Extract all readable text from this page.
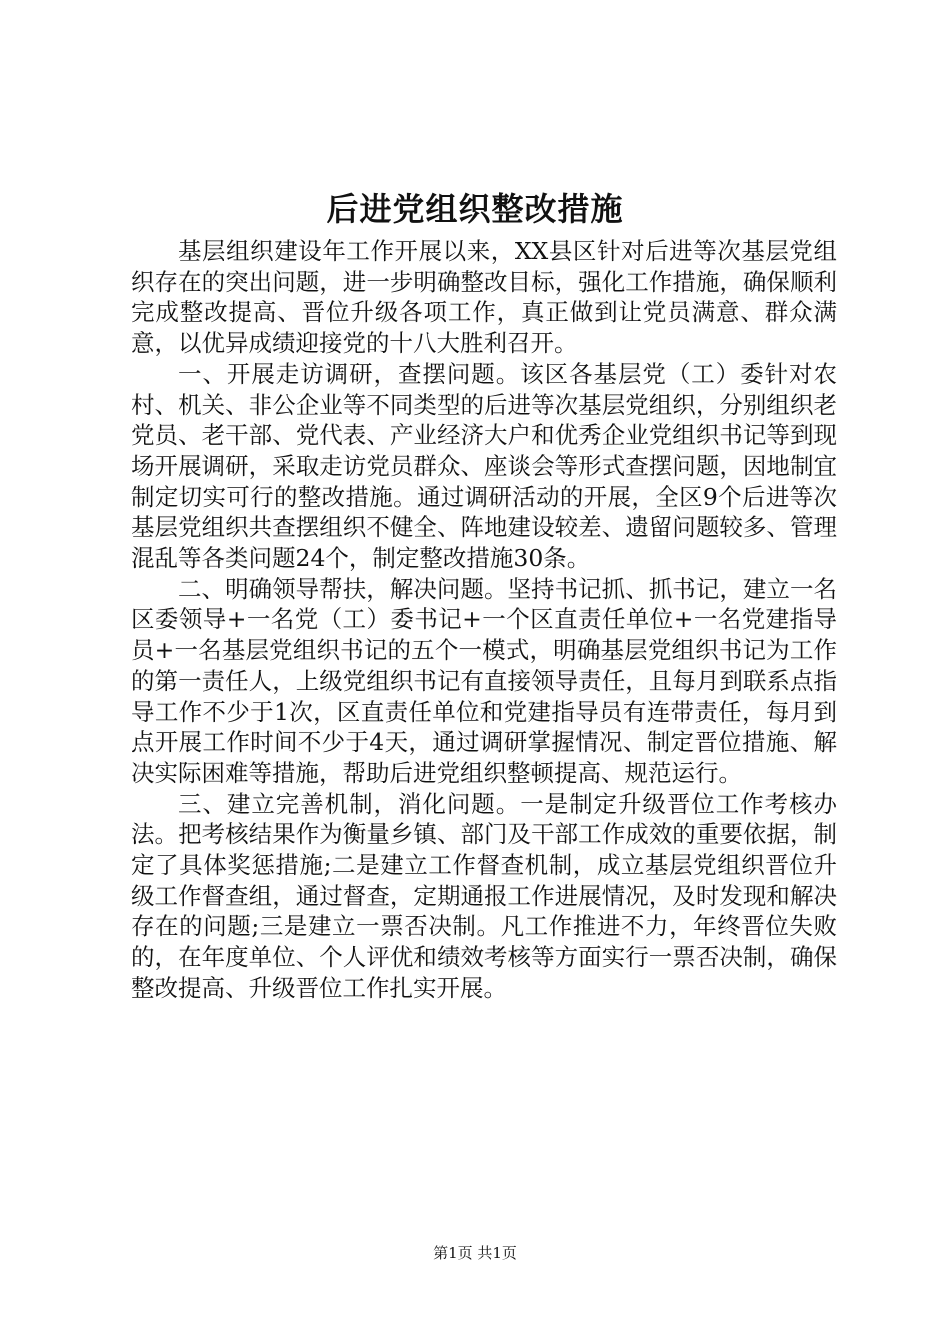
后进党组织整改措施

基层组织建设年工作开展以来，XX县区针对后进等次基层党组织存在的突出问题，进一步明确整改目标，强化工作措施，确保顺利完成整改提高、晋位升级各项工作，真正做到让党员满意、群众满意，以优异成绩迎接党的十八大胜利召开。

一、开展走访调研，查摆问题。该区各基层党（工）委针对农村、机关、非公企业等不同类型的后进等次基层党组织，分别组织老党员、老干部、党代表、产业经济大户和优秀企业党组织书记等到现场开展调研，采取走访党员群众、座谈会等形式查摆问题，因地制宜制定切实可行的整改措施。通过调研活动的开展，全区9个后进等次基层党组织共查摆组织不健全、阵地建设较差、遗留问题较多、管理混乱等各类问题24个，制定整改措施30条。

二、明确领导帮扶，解决问题。坚持书记抓、抓书记，建立一名区委领导+一名党（工）委书记+一个区直责任单位+一名党建指导员+一名基层党组织书记的五个一模式，明确基层党组织书记为工作的第一责任人，上级党组织书记有直接领导责任，且每月到联系点指导工作不少于1次，区直责任单位和党建指导员有连带责任，每月到点开展工作时间不少于4天，通过调研掌握情况、制定晋位措施、解决实际困难等措施，帮助后进党组织整顿提高、规范运行。

三、建立完善机制，消化问题。一是制定升级晋位工作考核办法。把考核结果作为衡量乡镇、部门及干部工作成效的重要依据，制定了具体奖惩措施;二是建立工作督查机制，成立基层党组织晋位升级工作督查组，通过督查，定期通报工作进展情况，及时发现和解决存在的问题;三是建立一票否决制。凡工作推进不力，年终晋位失败的，在年度单位、个人评优和绩效考核等方面实行一票否决制，确保整改提高、升级晋位工作扎实开展。

第1页 共1页
